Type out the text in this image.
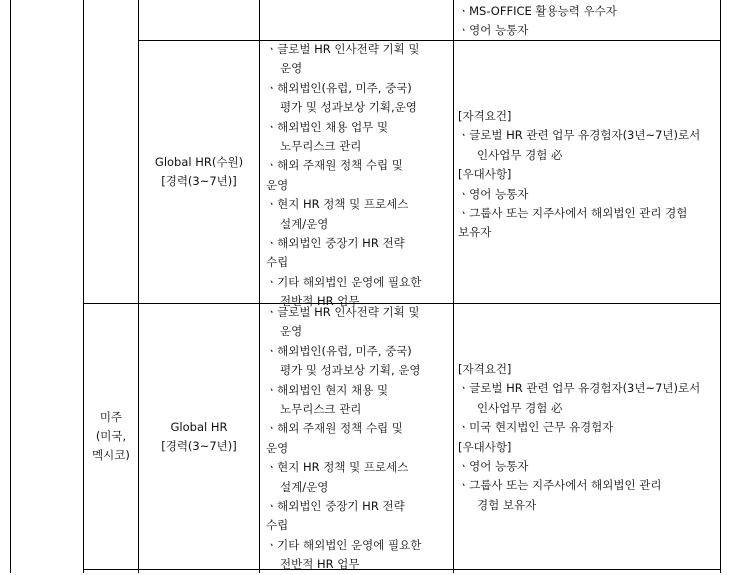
ㆍMS-OFFICE 활용능력 우수자
ㆍ영어 능통자
Global HR(수원)
[경력(3~7년)]
ㆍ글로벌 HR 인사전략 기획 및
운영
ㆍ해외법인(유럽, 미주, 중국)
평가 및 성과보상 기획,운영
ㆍ해외법인 채용 업무 및
노무리스크 관리
ㆍ해외 주재원 정책 수립 및
운영
ㆍ현지 HR 정책 및 프로세스
설계/운영
ㆍ해외법인 중장기 HR 전략
수립
ㆍ기타 해외법인 운영에 필요한
전반적 HR 업무
[자격요건]
ㆍ글로벌 HR 관련 업무 유경험자(3년~7년)로서
인사업무 경험 必
[우대사항]
ㆍ영어 능통자
ㆍ그룹사 또는 지주사에서 해외법인 관리 경험
보유자
미주
(미국,
멕시코)
Global HR
[경력(3~7년)]
ㆍ글로벌 HR 인사전략 기획 및
운영
ㆍ해외법인(유럽, 미주, 중국)
평가 및 성과보상 기획, 운영
ㆍ해외법인 현지 채용 및
노무리스크 관리
ㆍ해외 주재원 정책 수립 및
운영
ㆍ현지 HR 정책 및 프로세스
설계/운영
ㆍ해외법인 중장기 HR 전략
수립
ㆍ기타 해외법인 운영에 필요한
전반적 HR 업무
[자격요건]
ㆍ글로벌 HR 관련 업무 유경험자(3년~7년)로서
인사업무 경험 必
ㆍ미국 현지법인 근무 유경험자
[우대사항]
ㆍ영어 능통자
ㆍ그룹사 또는 지주사에서 해외법인 관리
경험 보유자
